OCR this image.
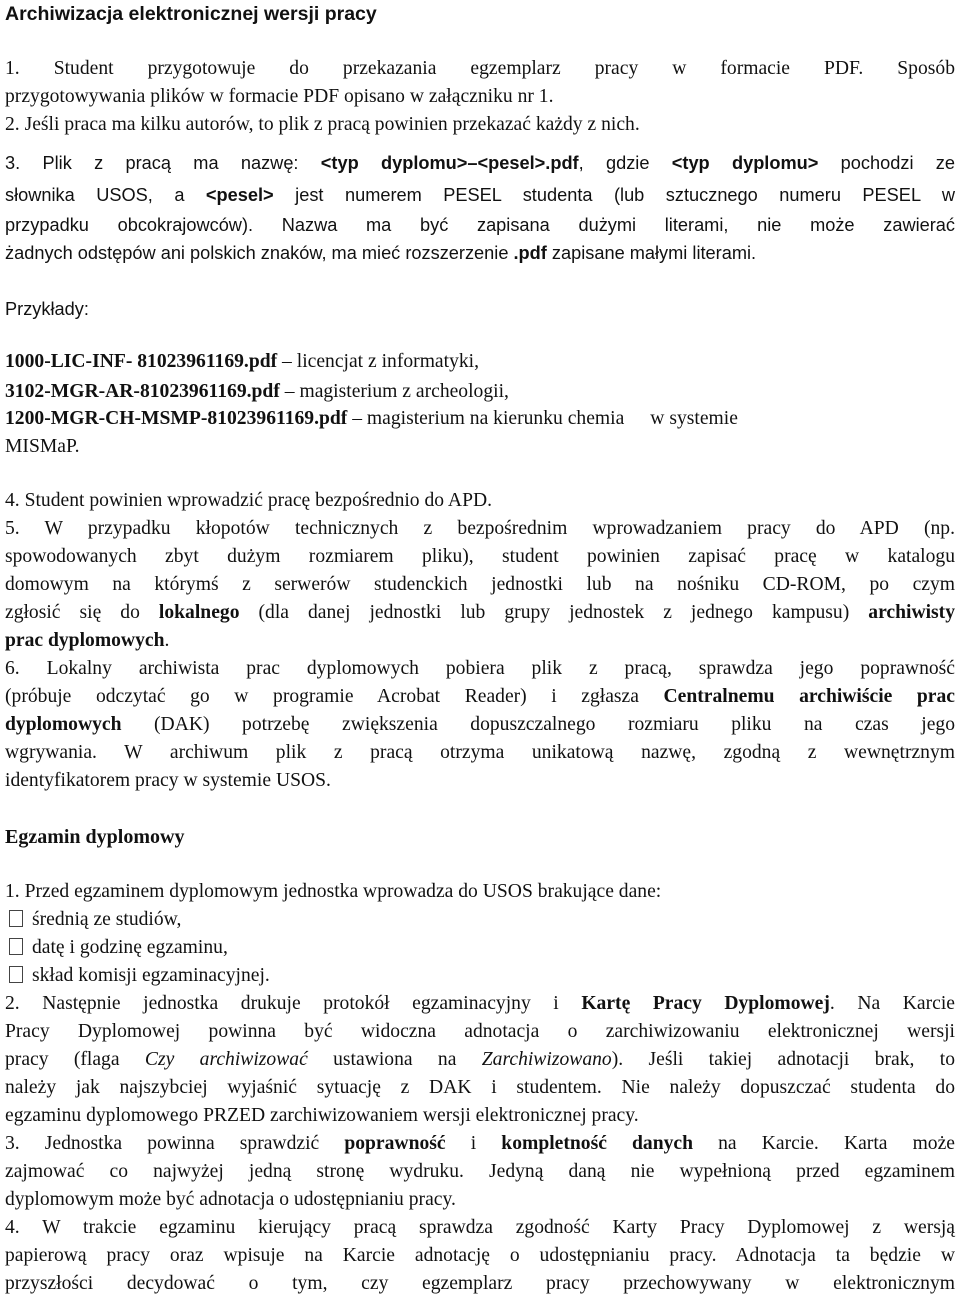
Archiwizacja elektronicznej wersji pracy
1. Student przygotowuje do przekazania egzemplarz pracy w formacie PDF. Sposób
przygotowywania plików w formacie PDF opisano w załączniku nr 1.
2. Jeśli praca ma kilku autorów, to plik z pracą powinien przekazać każdy z nich.
3. Plik z pracą ma nazwę: <typ dyplomu>–<pesel>.pdf, gdzie <typ dyplomu> pochodzi ze
słownika USOS, a <pesel> jest numerem PESEL studenta (lub sztucznego numeru PESEL w
przypadku obcokrajowców). Nazwa ma być zapisana dużymi literami, nie może zawierać
żadnych odstępów ani polskich znaków, ma mieć rozszerzenie .pdf zapisane małymi literami.
Przykłady:
1000-LIC-INF- 81023961169.pdf – licencjat z informatyki,
3102-MGR-AR-81023961169.pdf – magisterium z archeologii,
1200-MGR-CH-MSMP-81023961169.pdf – magisterium na kierunku chemia w systemie
MISMaP.
4. Student powinien wprowadzić pracę bezpośrednio do APD.
5. W przypadku kłopotów technicznych z bezpośrednim wprowadzaniem pracy do APD (np.
spowodowanych zbyt dużym rozmiarem pliku), student powinien zapisać pracę w katalogu
domowym na którymś z serwerów studenckich jednostki lub na nośniku CD-ROM, po czym
zgłosić się do lokalnego (dla danej jednostki lub grupy jednostek z jednego kampusu) archiwisty
prac dyplomowych.
6. Lokalny archiwista prac dyplomowych pobiera plik z pracą, sprawdza jego poprawność
(próbuje odczytać go w programie Acrobat Reader) i zgłasza Centralnemu archiwiście prac
dyplomowych (DAK) potrzebę zwiększenia dopuszczalnego rozmiaru pliku na czas jego
wgrywania. W archiwum plik z pracą otrzyma unikatową nazwę, zgodną z wewnętrznym
identyfikatorem pracy w systemie USOS.
Egzamin dyplomowy
1. Przed egzaminem dyplomowym jednostka wprowadza do USOS brakujące dane:
średnią ze studiów,
datę i godzinę egzaminu,
skład komisji egzaminacyjnej.
2. Następnie jednostka drukuje protokół egzaminacyjny i Kartę Pracy Dyplomowej. Na Karcie
Pracy Dyplomowej powinna być widoczna adnotacja o zarchiwizowaniu elektronicznej wersji
pracy (flaga Czy archiwizować ustawiona na Zarchiwizowano). Jeśli takiej adnotacji brak, to
należy jak najszybciej wyjaśnić sytuację z DAK i studentem. Nie należy dopuszczać studenta do
egzaminu dyplomowego PRZED zarchiwizowaniem wersji elektronicznej pracy.
3. Jednostka powinna sprawdzić poprawność i kompletność danych na Karcie. Karta może
zajmować co najwyżej jedną stronę wydruku. Jedyną daną nie wypełnioną przed egzaminem
dyplomowym może być adnotacja o udostępnianiu pracy.
4. W trakcie egzaminu kierujący pracą sprawdza zgodność Karty Pracy Dyplomowej z wersją
papierową pracy oraz wpisuje na Karcie adnotację o udostępnianiu pracy. Adnotacja ta będzie w
przyszłości decydować o tym, czy egzemplarz pracy przechowywany w elektronicznym
